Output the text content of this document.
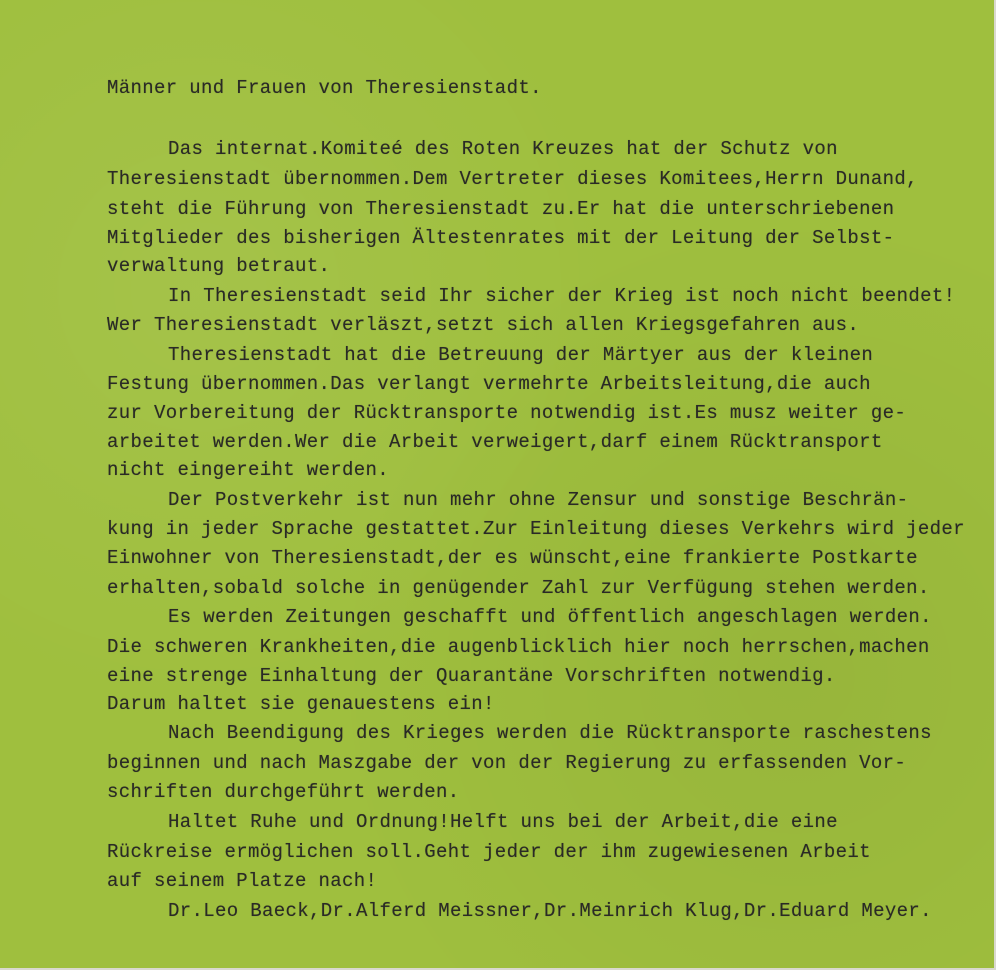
Männer und Frauen von Theresienstadt.
Das internat.Komiteé des Roten Kreuzes hat der Schutz von
Theresienstadt übernommen.Dem Vertreter dieses Komitees,Herrn Dunand,
steht die Führung von Theresienstadt zu.Er hat die unterschriebenen
Mitglieder des bisherigen Ältestenrates mit der Leitung der Selbst-
verwaltung betraut.
In Theresienstadt seid Ihr sicher der Krieg ist noch nicht beendet!
Wer Theresienstadt verläszt,setzt sich allen Kriegsgefahren aus.
Theresienstadt hat die Betreuung der Märtyer aus der kleinen
Festung übernommen.Das verlangt vermehrte Arbeitsleitung,die auch
zur Vorbereitung der Rücktransporte notwendig ist.Es musz weiter ge-
arbeitet werden.Wer die Arbeit verweigert,darf einem Rücktransport
nicht eingereiht werden.
Der Postverkehr ist nun mehr ohne Zensur und sonstige Beschrän-
kung in jeder Sprache gestattet.Zur Einleitung dieses Verkehrs wird jeder
Einwohner von Theresienstadt,der es wünscht,eine frankierte Postkarte
erhalten,sobald solche in genügender Zahl zur Verfügung stehen werden.
Es werden Zeitungen geschafft und öffentlich angeschlagen werden.
Die schweren Krankheiten,die augenblicklich hier noch herrschen,machen
eine strenge Einhaltung der Quarantäne Vorschriften notwendig.
Darum haltet sie genauestens ein!
Nach Beendigung des Krieges werden die Rücktransporte raschestens
beginnen und nach Maszgabe der von der Regierung zu erfassenden Vor-
schriften durchgeführt werden.
Haltet Ruhe und Ordnung!Helft uns bei der Arbeit,die eine
Rückreise ermöglichen soll.Geht jeder der ihm zugewiesenen Arbeit
auf seinem Platze nach!
Dr.Leo Baeck,Dr.Alferd Meissner,Dr.Meinrich Klug,Dr.Eduard Meyer.
